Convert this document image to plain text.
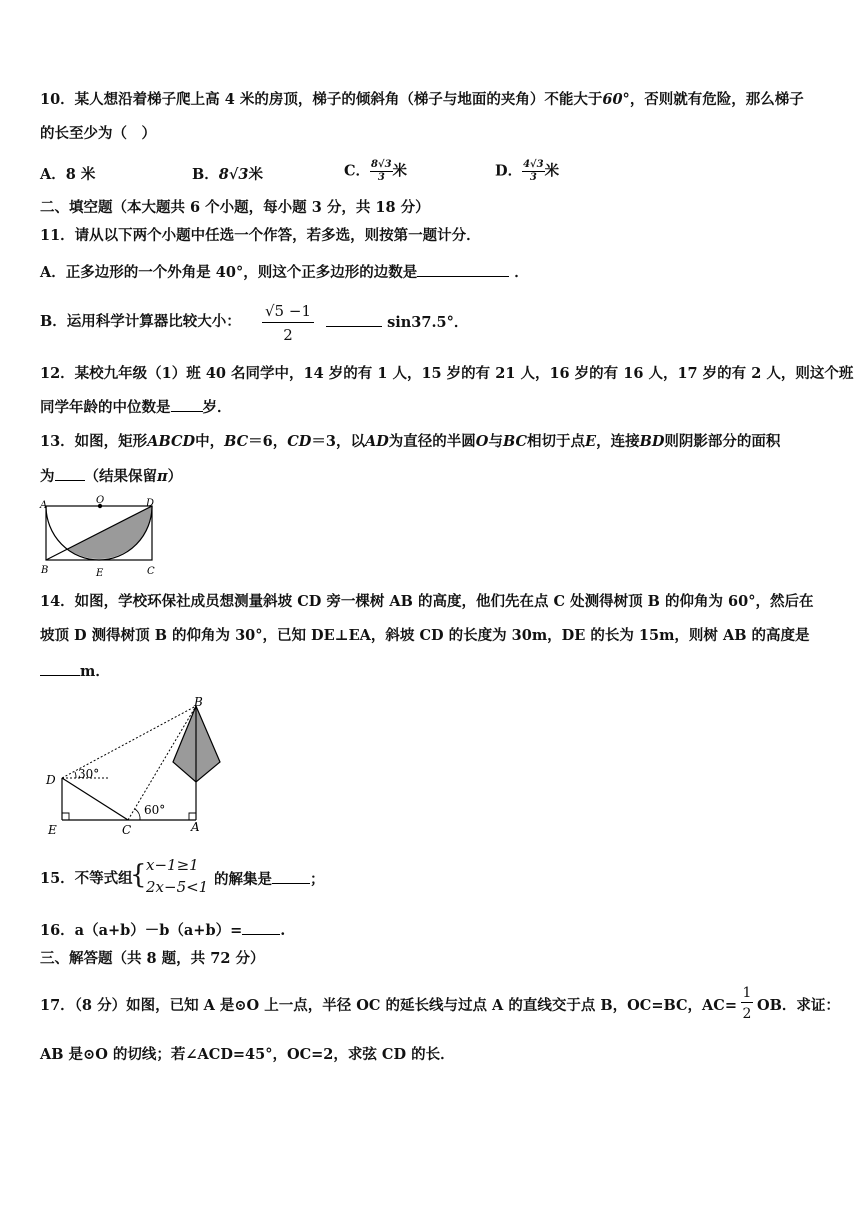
10．某人想沿着梯子爬上高 4 米的房顶，梯子的倾斜角（梯子与地面的夹角）不能大于60°，否则就有危险，那么梯子
的长至少为（　）
A．8 米	B．8√3米	C． $\frac{8√3}{3}$ 米	D． $\frac{4√3}{3}$ 米
二、填空题（本大题共 6 个小题，每小题 3 分，共 18 分）
11．请从以下两个小题中任选一个作答，若多选，则按第一题计分．
A．正多边形的一个外角是 40°，则这个正多边形的边数是	．
B．运用科学计算器比较大小：
√5 −1
2
sin37.5°．
12．某校九年级（1）班 40 名同学中，14 岁的有 1 人，15 岁的有 21 人，16 岁的有 16 人，17 岁的有 2 人，则这个班
同学年龄的中位数是 岁．
13．如图，矩形ABCD中，BC＝6，CD＝3，以AD为直径的半圆O与BC相切于点E，连接BD则阴影部分的面积
为 （结果保留π）
A	O	D
B	E	C
14．如图，学校环保社成员想测量斜坡 CD 旁一棵树 AB 的高度，他们先在点 C 处测得树顶 B 的仰角为 60°，然后在
坡顶 D 测得树顶 B 的仰角为 30°，已知 DE⊥EA，斜坡 CD 的长度为 30m，DE 的长为 15m，则树 AB 的高度是
m．
B
D
E	C	A
30°
60°
15．不等式组
{ x−1≥1
2x−5<1 的解集是	；
16．a（a+b）－b（a+b）=	.
三、解答题（共 8 题，共 72 分）
17．（8 分）如图，已知 A 是⊙O 上一点，半径 OC 的延长线与过点 A 的直线交于点 B，OC=BC，AC=
1
2 OB．求证：
AB 是⊙O 的切线；若∠ACD=45°，OC=2，求弦 CD 的长．
